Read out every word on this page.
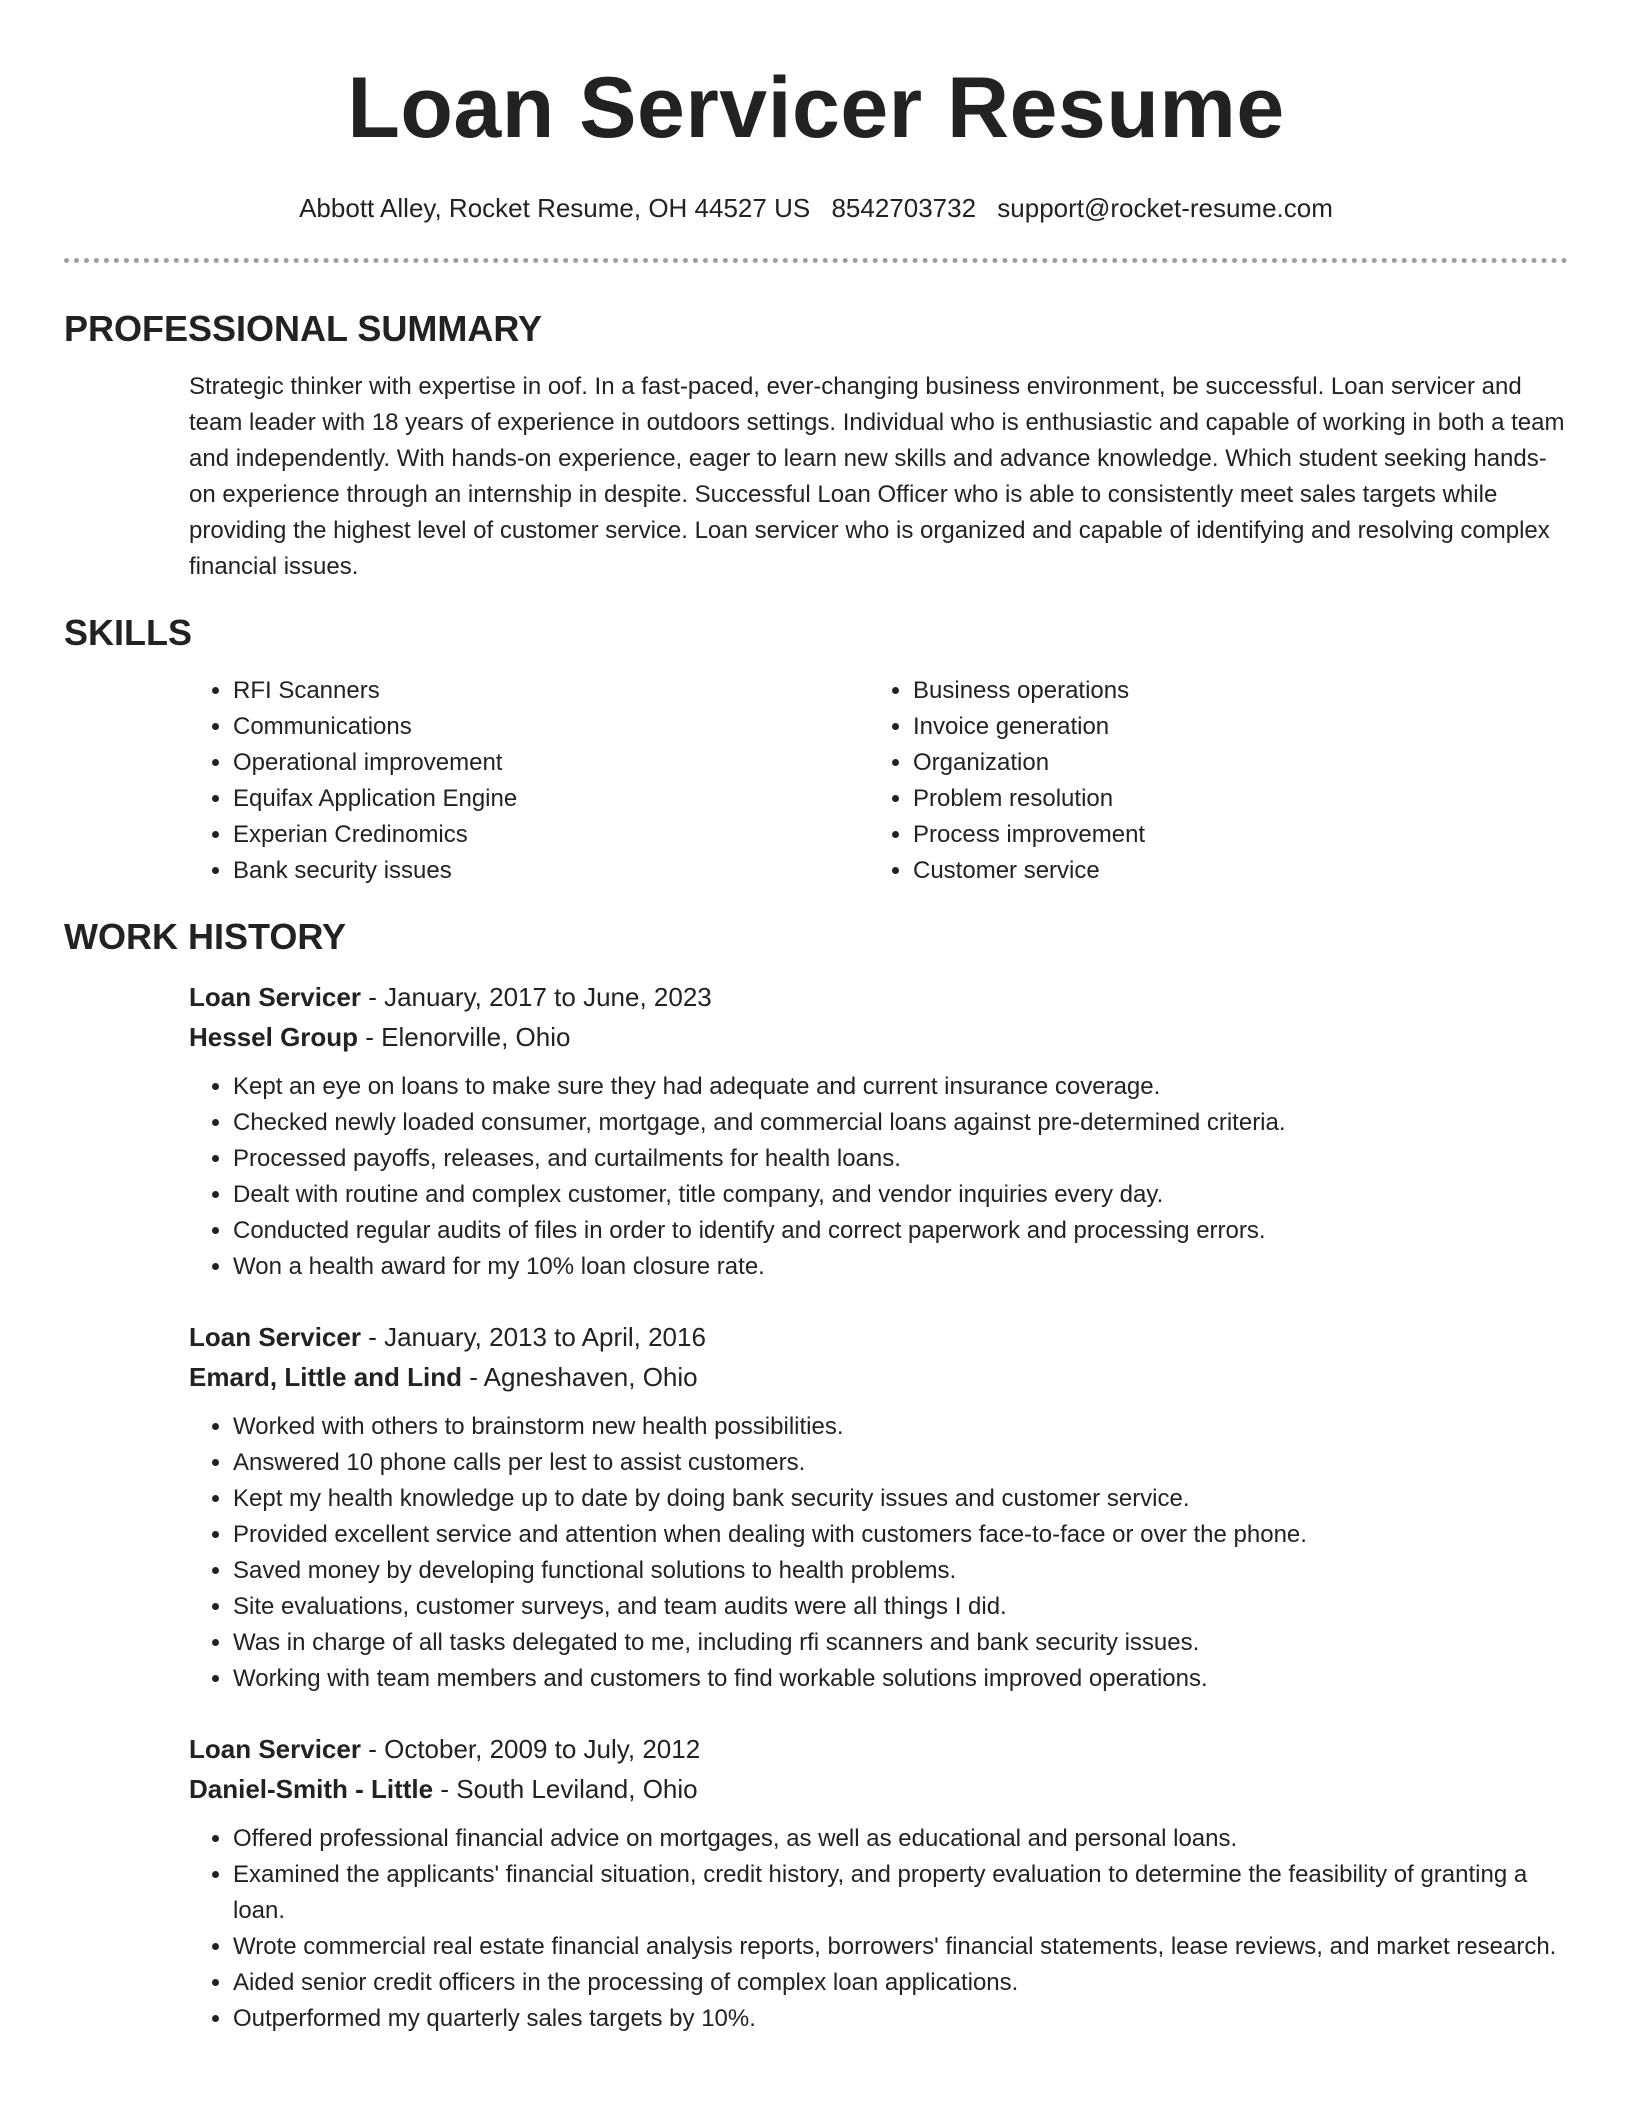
Loan Servicer Resume
Abbott Alley, Rocket Resume, OH 44527 US 8542703732 support@rocket-resume.com
PROFESSIONAL SUMMARY
Strategic thinker with expertise in oof. In a fast-paced, ever-changing business environment, be successful. Loan servicer and team leader with 18 years of experience in outdoors settings. Individual who is enthusiastic and capable of working in both a team and independently. With hands-on experience, eager to learn new skills and advance knowledge. Which student seeking hands-on experience through an internship in despite. Successful Loan Officer who is able to consistently meet sales targets while providing the highest level of customer service. Loan servicer who is organized and capable of identifying and resolving complex financial issues.
SKILLS
• RFI Scanners
• Communications
• Operational improvement
• Equifax Application Engine
• Experian Credinomics
• Bank security issues
• Business operations
• Invoice generation
• Organization
• Problem resolution
• Process improvement
• Customer service
WORK HISTORY
Loan Servicer - January, 2017 to June, 2023
Hessel Group - Elenorville, Ohio
• Kept an eye on loans to make sure they had adequate and current insurance coverage.
• Checked newly loaded consumer, mortgage, and commercial loans against pre-determined criteria.
• Processed payoffs, releases, and curtailments for health loans.
• Dealt with routine and complex customer, title company, and vendor inquiries every day.
• Conducted regular audits of files in order to identify and correct paperwork and processing errors.
• Won a health award for my 10% loan closure rate.
Loan Servicer - January, 2013 to April, 2016
Emard, Little and Lind - Agneshaven, Ohio
• Worked with others to brainstorm new health possibilities.
• Answered 10 phone calls per lest to assist customers.
• Kept my health knowledge up to date by doing bank security issues and customer service.
• Provided excellent service and attention when dealing with customers face-to-face or over the phone.
• Saved money by developing functional solutions to health problems.
• Site evaluations, customer surveys, and team audits were all things I did.
• Was in charge of all tasks delegated to me, including rfi scanners and bank security issues.
• Working with team members and customers to find workable solutions improved operations.
Loan Servicer - October, 2009 to July, 2012
Daniel-Smith - Little - South Leviland, Ohio
• Offered professional financial advice on mortgages, as well as educational and personal loans.
• Examined the applicants' financial situation, credit history, and property evaluation to determine the feasibility of granting a loan.
• Wrote commercial real estate financial analysis reports, borrowers' financial statements, lease reviews, and market research.
• Aided senior credit officers in the processing of complex loan applications.
• Outperformed my quarterly sales targets by 10%.
